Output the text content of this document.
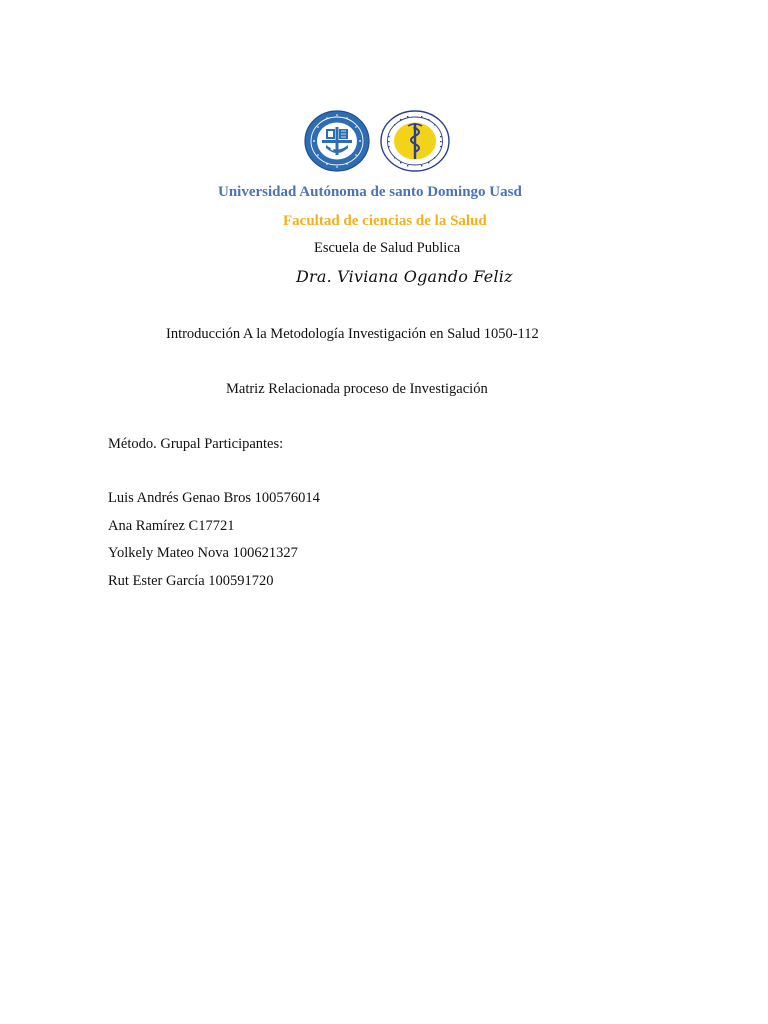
Universidad Autónoma de santo Domingo Uasd
Facultad de ciencias de la Salud
Escuela de Salud Publica
Dra. Viviana Ogando Feliz
Introducción A la Metodología Investigación en Salud 1050-112
Matriz Relacionada proceso de Investigación
Método. Grupal Participantes:
Luis Andrés Genao Bros 100576014
Ana Ramírez C17721
Yolkely Mateo Nova 100621327
Rut Ester García 100591720
